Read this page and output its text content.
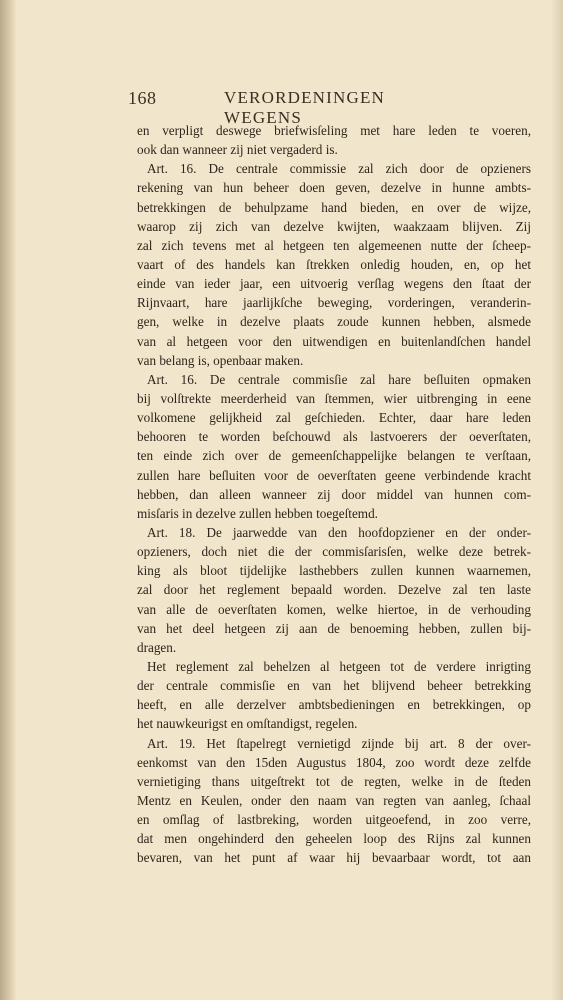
168	VERORDENINGEN WEGENS
en verpligt deswege briefwisſeling met hare leden te voeren,
ook dan wanneer zij niet vergaderd is.
Art. 16. De centrale commissie zal zich door de opzieners
rekening van hun beheer doen geven, dezelve in hunne ambts-
betrekkingen de behulpzame hand bieden, en over de wijze,
waarop zij zich van dezelve kwijten, waakzaam blijven. Zij
zal zich tevens met al hetgeen ten algemeenen nutte der ſcheep-
vaart of des handels kan ſtrekken onledig houden, en, op het
einde van ieder jaar, een uitvoerig verſlag wegens den ſtaat der
Rijnvaart, hare jaarlijkſche beweging, vorderingen, veranderin-
gen, welke in dezelve plaats zoude kunnen hebben, alsmede
van al hetgeen voor den uitwendigen en buitenlandſchen handel
van belang is, openbaar maken.
Art. 16. De centrale commisſie zal hare beſluiten opmaken
bij volſtrekte meerderheid van ſtemmen, wier uitbrenging in eene
volkomene gelijkheid zal geſchieden. Echter, daar hare leden
behooren te worden beſchouwd als lastvoerers der oeverſtaten,
ten einde zich over de gemeenſchappelijke belangen te verſtaan,
zullen hare beſluiten voor de oeverſtaten geene verbindende kracht
hebben, dan alleen wanneer zij door middel van hunnen com-
misſaris in dezelve zullen hebben toegeſtemd.
Art. 18. De jaarwedde van den hoofdopziener en der onder-
opzieners, doch niet die der commisſarisſen, welke deze betrek-
king als bloot tijdelijke lasthebbers zullen kunnen waarnemen,
zal door het reglement bepaald worden. Dezelve zal ten laste
van alle de oeverſtaten komen, welke hiertoe, in de verhouding
van het deel hetgeen zij aan de benoeming hebben, zullen bij-
dragen.
Het reglement zal behelzen al hetgeen tot de verdere inrigting
der centrale commisſie en van het blijvend beheer betrekking
heeft, en alle derzelver ambtsbedieningen en betrekkingen, op
het nauwkeurigst en omſtandigst, regelen.
Art. 19. Het ſtapelregt vernietigd zijnde bij art. 8 der over-
eenkomst van den 15den Augustus 1804, zoo wordt deze zelfde
vernietiging thans uitgeſtrekt tot de regten, welke in de ſteden
Mentz en Keulen, onder den naam van regten van aanleg, ſchaal
en omſlag of lastbreking, worden uitgeoefend, in zoo verre,
dat men ongehinderd den geheelen loop des Rijns zal kunnen
bevaren, van het punt af waar hij bevaarbaar wordt, tot aan
